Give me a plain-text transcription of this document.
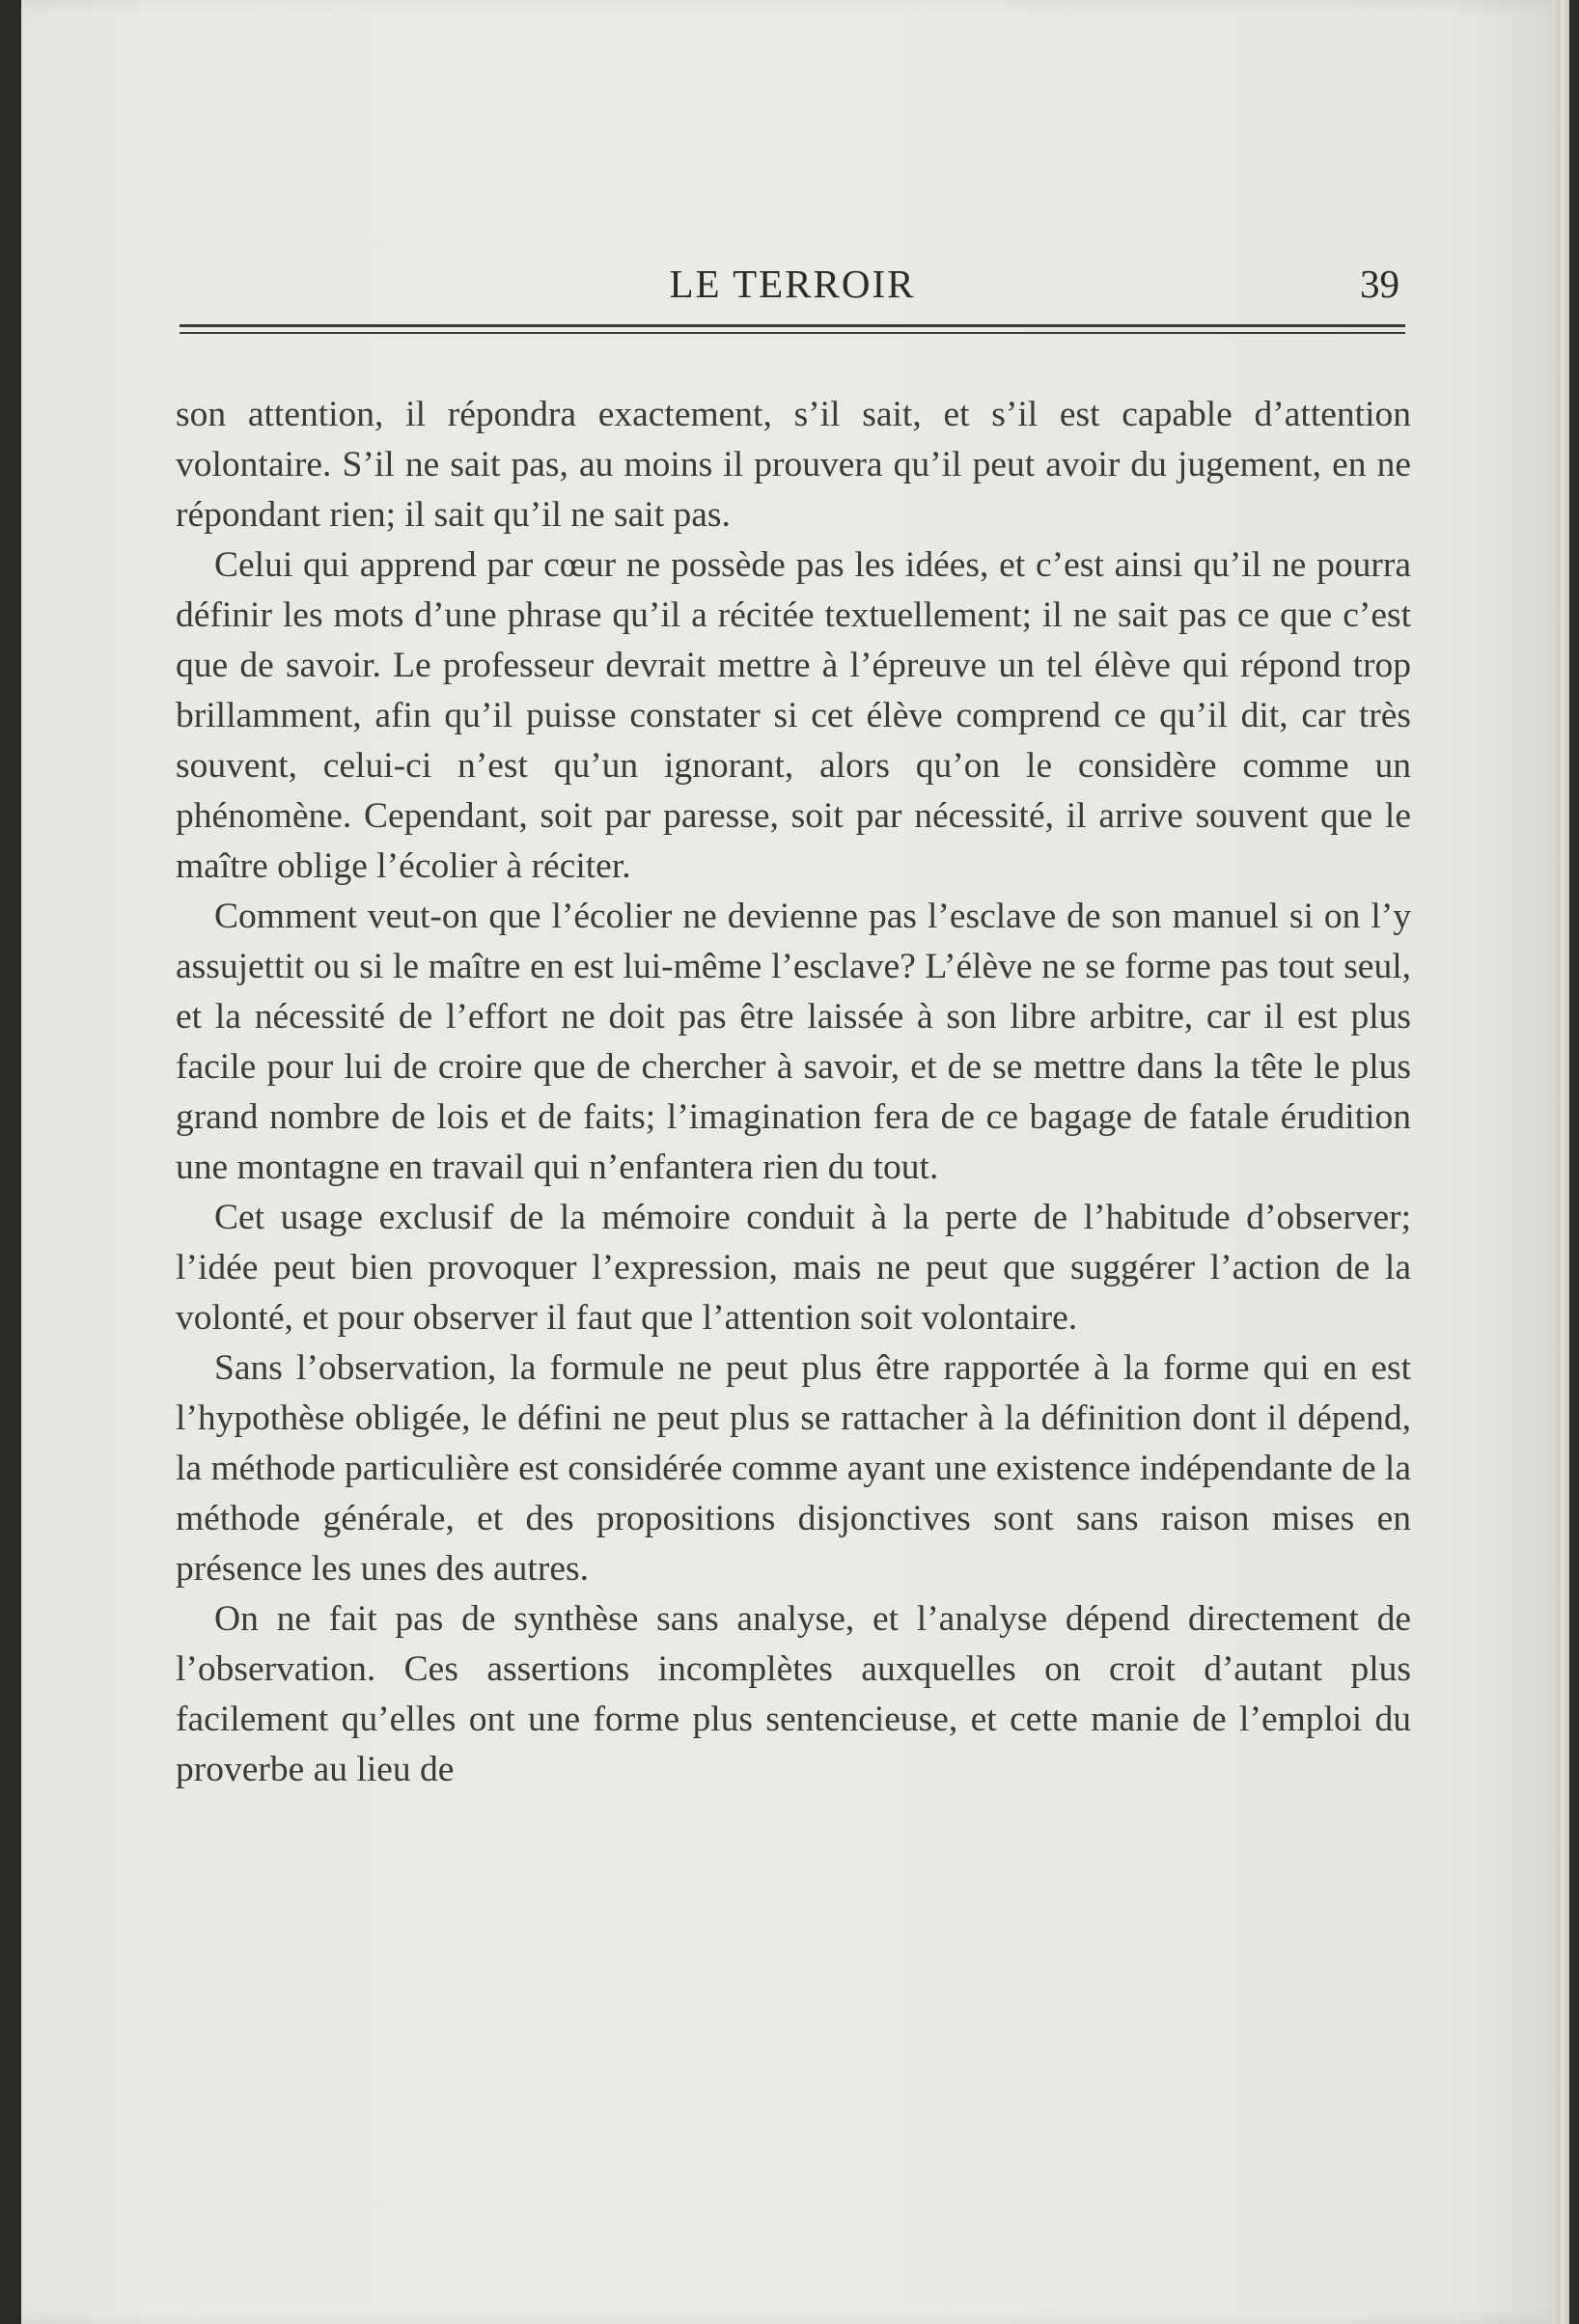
LE TERROIR	39

son attention, il répondra exactement, s’il sait, et s’il est capable d’attention volontaire. S’il ne sait pas, au moins il prouvera qu’il peut avoir du jugement, en ne répondant rien; il sait qu’il ne sait pas.

Celui qui apprend par cœur ne possède pas les idées, et c’est ainsi qu’il ne pourra définir les mots d’une phrase qu’il a récitée textuellement; il ne sait pas ce que c’est que de savoir. Le professeur devrait mettre à l’épreuve un tel élève qui répond trop brillamment, afin qu’il puisse constater si cet élève comprend ce qu’il dit, car très souvent, celui-ci n’est qu’un ignorant, alors qu’on le considère comme un phénomène. Cependant, soit par paresse, soit par nécessité, il arrive souvent que le maître oblige l’écolier à réciter.

Comment veut-on que l’écolier ne devienne pas l’esclave de son manuel si on l’y assujettit ou si le maître en est lui-même l’esclave? L’élève ne se forme pas tout seul, et la nécessité de l’effort ne doit pas être laissée à son libre arbitre, car il est plus facile pour lui de croire que de chercher à savoir, et de se mettre dans la tête le plus grand nombre de lois et de faits; l’imagination fera de ce bagage de fatale érudition une montagne en travail qui n’enfantera rien du tout.

Cet usage exclusif de la mémoire conduit à la perte de l’habitude d’observer; l’idée peut bien provoquer l’expression, mais ne peut que suggérer l’action de la volonté, et pour observer il faut que l’attention soit volontaire.

Sans l’observation, la formule ne peut plus être rapportée à la forme qui en est l’hypothèse obligée, le défini ne peut plus se rattacher à la définition dont il dépend, la méthode particulière est considérée comme ayant une existence indépendante de la méthode générale, et des propositions disjonctives sont sans raison mises en présence les unes des autres.

On ne fait pas de synthèse sans analyse, et l’analyse dépend directement de l’observation. Ces assertions incomplètes auxquelles on croit d’autant plus facilement qu’elles ont une forme plus sentencieuse, et cette manie de l’emploi du proverbe au lieu de
